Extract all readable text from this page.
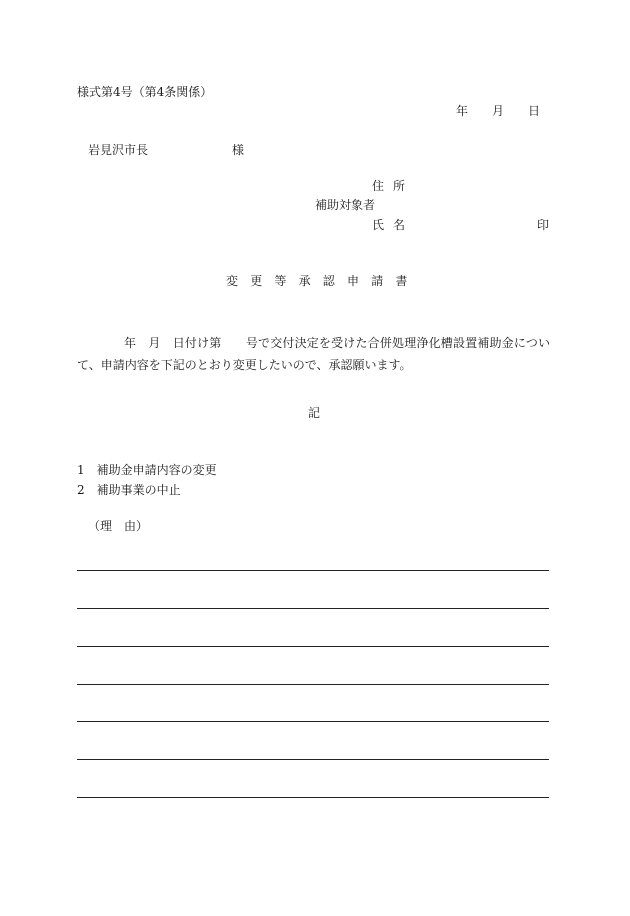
様式第4号（第4条関係）
年 月 日
岩見沢市長	様
住所
補助対象者
氏名	印
変更等承認申請書
年　月　日付け第　　号で交付決定を受けた合併処理浄化槽設置補助金について、申請内容を下記のとおり変更したいので、承認願います。
記
1　補助金申請内容の変更
2　補助事業の中止
（理　由）
